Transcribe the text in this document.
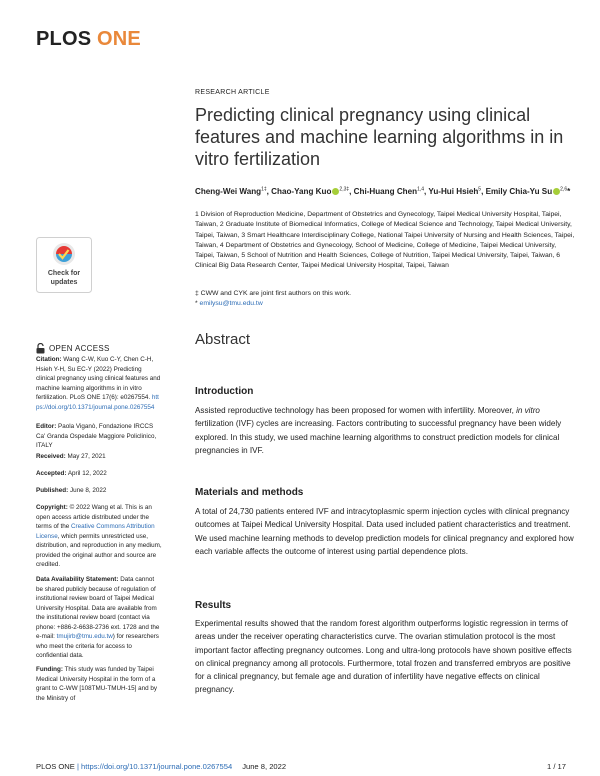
PLOS ONE
Check for
updates
OPEN ACCESS
Citation: Wang C-W, Kuo C-Y, Chen C-H, Hsieh Y-H, Su EC-Y (2022) Predicting clinical pregnancy using clinical features and machine learning algorithms in in vitro fertilization. PLoS ONE 17(6): e0267554. https://doi.org/10.1371/journal.pone.0267554
Editor: Paola Viganò, Fondazione IRCCS Ca' Granda Ospedale Maggiore Policlinico, ITALY
Received: May 27, 2021
Accepted: April 12, 2022
Published: June 8, 2022
Copyright: © 2022 Wang et al. This is an open access article distributed under the terms of the Creative Commons Attribution License, which permits unrestricted use, distribution, and reproduction in any medium, provided the original author and source are credited.
Data Availability Statement: Data cannot be shared publicly because of regulation of institutional review board of Taipei Medical University Hospital. Data are available from the institutional review board (contact via phone: +886-2-6638-2736 ext. 1728 and the e-mail: tmujirb@tmu.edu.tw) for researchers who meet the criteria for access to confidential data.
Funding: This study was funded by Taipei Medical University Hospital in the form of a grant to C-WW [108TMU-TMUH-15] and by the Ministry of
RESEARCH ARTICLE
Predicting clinical pregnancy using clinical features and machine learning algorithms in in vitro fertilization
Cheng-Wei Wang$^{1\ddagger}$, Chao-Yang Kuo $^{2,3\ddagger}$, Chi-Huang Chen$^{1,4}$, Yu-Hui Hsieh$^5$, Emily Chia-Yu Su $^{2,6}$*
1 Division of Reproduction Medicine, Department of Obstetrics and Gynecology, Taipei Medical University Hospital, Taipei, Taiwan, 2 Graduate Institute of Biomedical Informatics, College of Medical Science and Technology, Taipei Medical University, Taipei, Taiwan, 3 Smart Healthcare Interdisciplinary College, National Taipei University of Nursing and Health Sciences, Taipei, Taiwan, 4 Department of Obstetrics and Gynecology, School of Medicine, College of Medicine, Taipei Medical University, Taipei, Taiwan, 5 School of Nutrition and Health Sciences, College of Nutrition, Taipei Medical University, Taipei, Taiwan, 6 Clinical Big Data Research Center, Taipei Medical University Hospital, Taipei, Taiwan
‡ CWW and CYK are joint first authors on this work.
* emilysu@tmu.edu.tw
Abstract
Introduction
Assisted reproductive technology has been proposed for women with infertility. Moreover, in vitro fertilization (IVF) cycles are increasing. Factors contributing to successful pregnancy have been widely explored. In this study, we used machine learning algorithms to construct prediction models for clinical pregnancies in IVF.
Materials and methods
A total of 24,730 patients entered IVF and intracytoplasmic sperm injection cycles with clinical pregnancy outcomes at Taipei Medical University Hospital. Data used included patient characteristics and treatment. We used machine learning methods to develop prediction models for clinical pregnancy and explored how each variable affects the outcome of interest using partial dependence plots.
Results
Experimental results showed that the random forest algorithm outperforms logistic regression in terms of areas under the receiver operating characteristics curve. The ovarian stimulation protocol is the most important factor affecting pregnancy outcomes. Long and ultra-long protocols have shown positive effects on clinical pregnancy among all protocols. Furthermore, total frozen and transferred embryos are positive for a clinical pregnancy, but female age and duration of infertility have negative effects on clinical pregnancy.
PLOS ONE | https://doi.org/10.1371/journal.pone.0267554 June 8, 2022	1 / 17
